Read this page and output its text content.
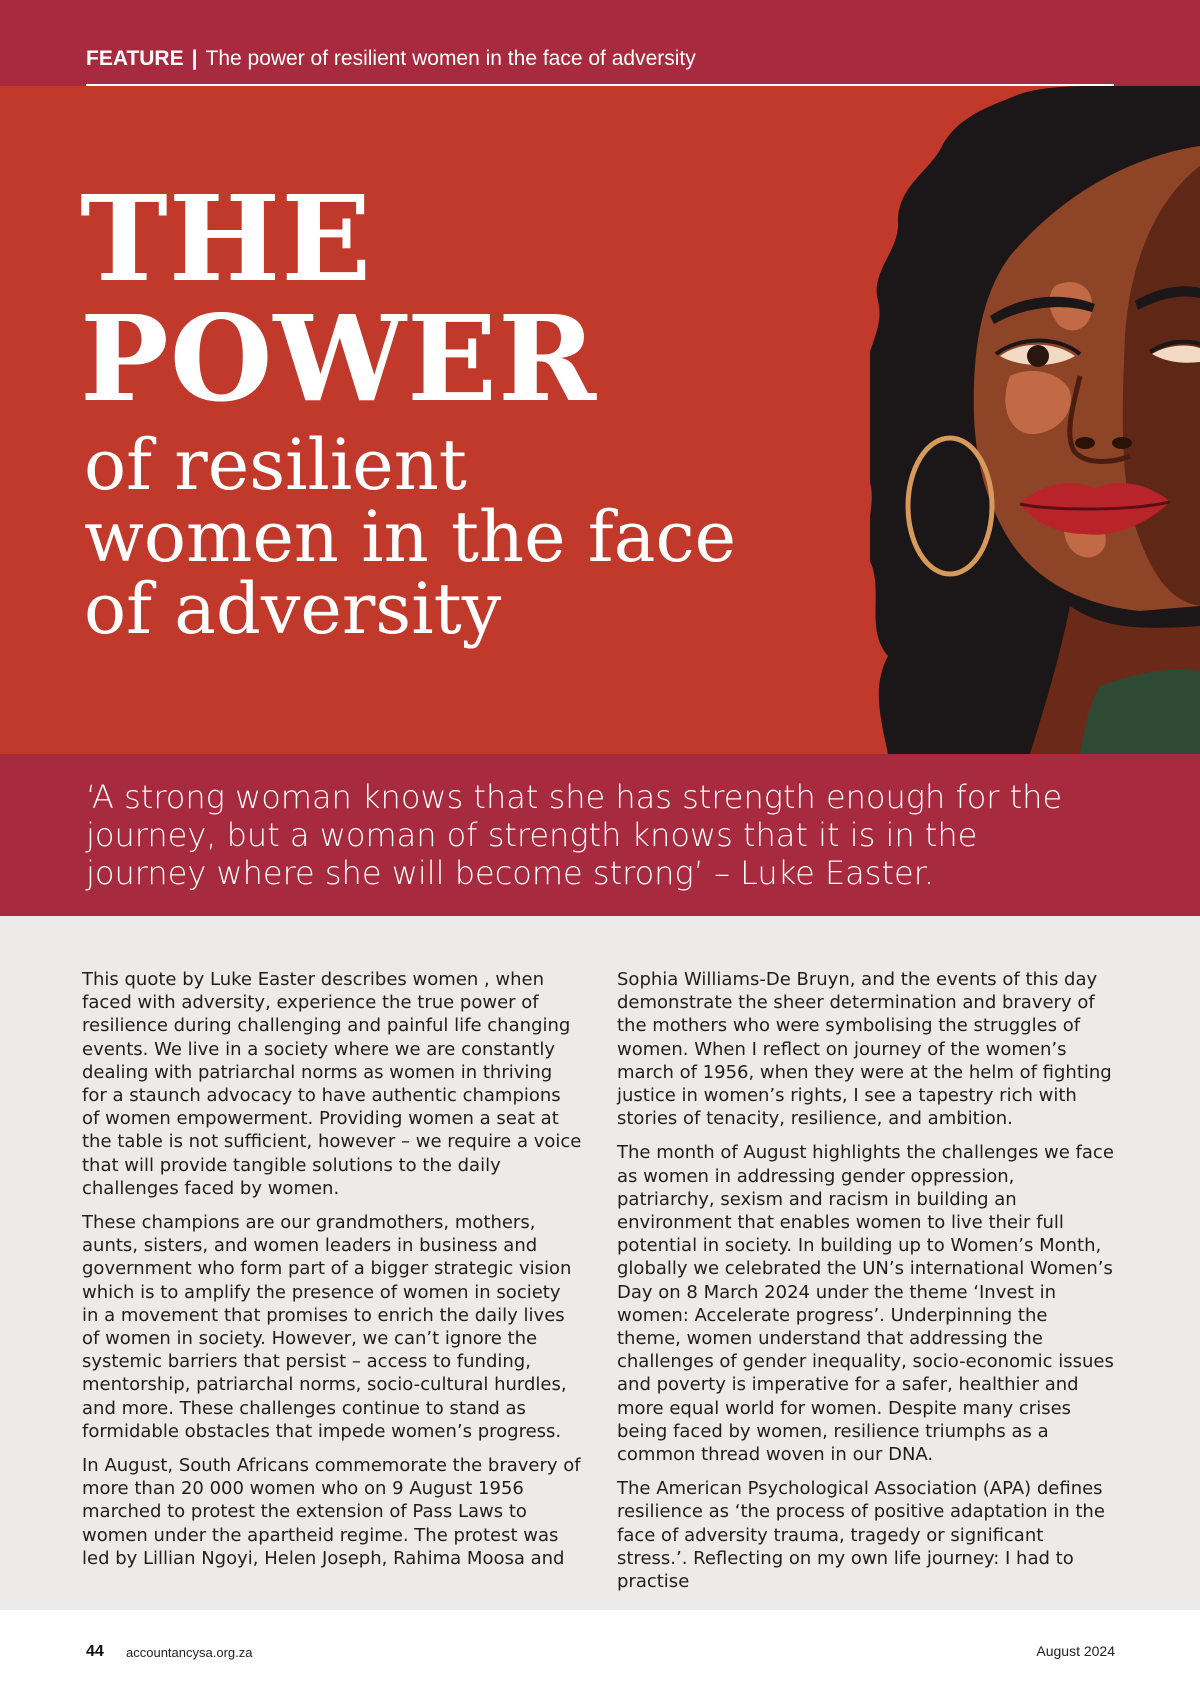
FEATURE | The power of resilient women in the face of adversity
THE
POWER
of resilient
women in the face
of adversity

‘A strong woman knows that she has strength enough for the journey, but a woman of strength knows that it is in the journey where she will become strong’ – Luke Easter.

This quote by Luke Easter describes women , when faced with adversity, experience the true power of resilience during challenging and painful life changing events. We live in a society where we are constantly dealing with patriarchal norms as women in thriving for a staunch advocacy to have authentic champions of women empowerment. Providing women a seat at the table is not sufficient, however – we require a voice that will provide tangible solutions to the daily challenges faced by women.

These champions are our grandmothers, mothers, aunts, sisters, and women leaders in business and government who form part of a bigger strategic vision which is to amplify the presence of women in society in a movement that promises to enrich the daily lives of women in society. However, we can’t ignore the systemic barriers that persist – access to funding, mentorship, patriarchal norms, socio-cultural hurdles, and more. These challenges continue to stand as formidable obstacles that impede women’s progress.

In August, South Africans commemorate the bravery of more than 20 000 women who on 9 August 1956 marched to protest the extension of Pass Laws to women under the apartheid regime. The protest was led by Lillian Ngoyi, Helen Joseph, Rahima Moosa and

Sophia Williams-De Bruyn, and the events of this day demonstrate the sheer determination and bravery of the mothers who were symbolising the struggles of women. When I reflect on journey of the women’s march of 1956, when they were at the helm of fighting justice in women’s rights, I see a tapestry rich with stories of tenacity, resilience, and ambition.

The month of August highlights the challenges we face as women in addressing gender oppression, patriarchy, sexism and racism in building an environment that enables women to live their full potential in society. In building up to Women’s Month, globally we celebrated the UN’s international Women’s Day on 8 March 2024 under the theme ‘Invest in women: Accelerate progress’. Underpinning the theme, women understand that addressing the challenges of gender inequality, socio-economic issues and poverty is imperative for a safer, healthier and more equal world for women. Despite many crises being faced by women, resilience triumphs as a common thread woven in our DNA.

The American Psychological Association (APA) defines resilience as ‘the process of positive adaptation in the face of adversity trauma, tragedy or significant stress.’. Reflecting on my own life journey: I had to practise

44 accountancysa.org.za	August 2024
